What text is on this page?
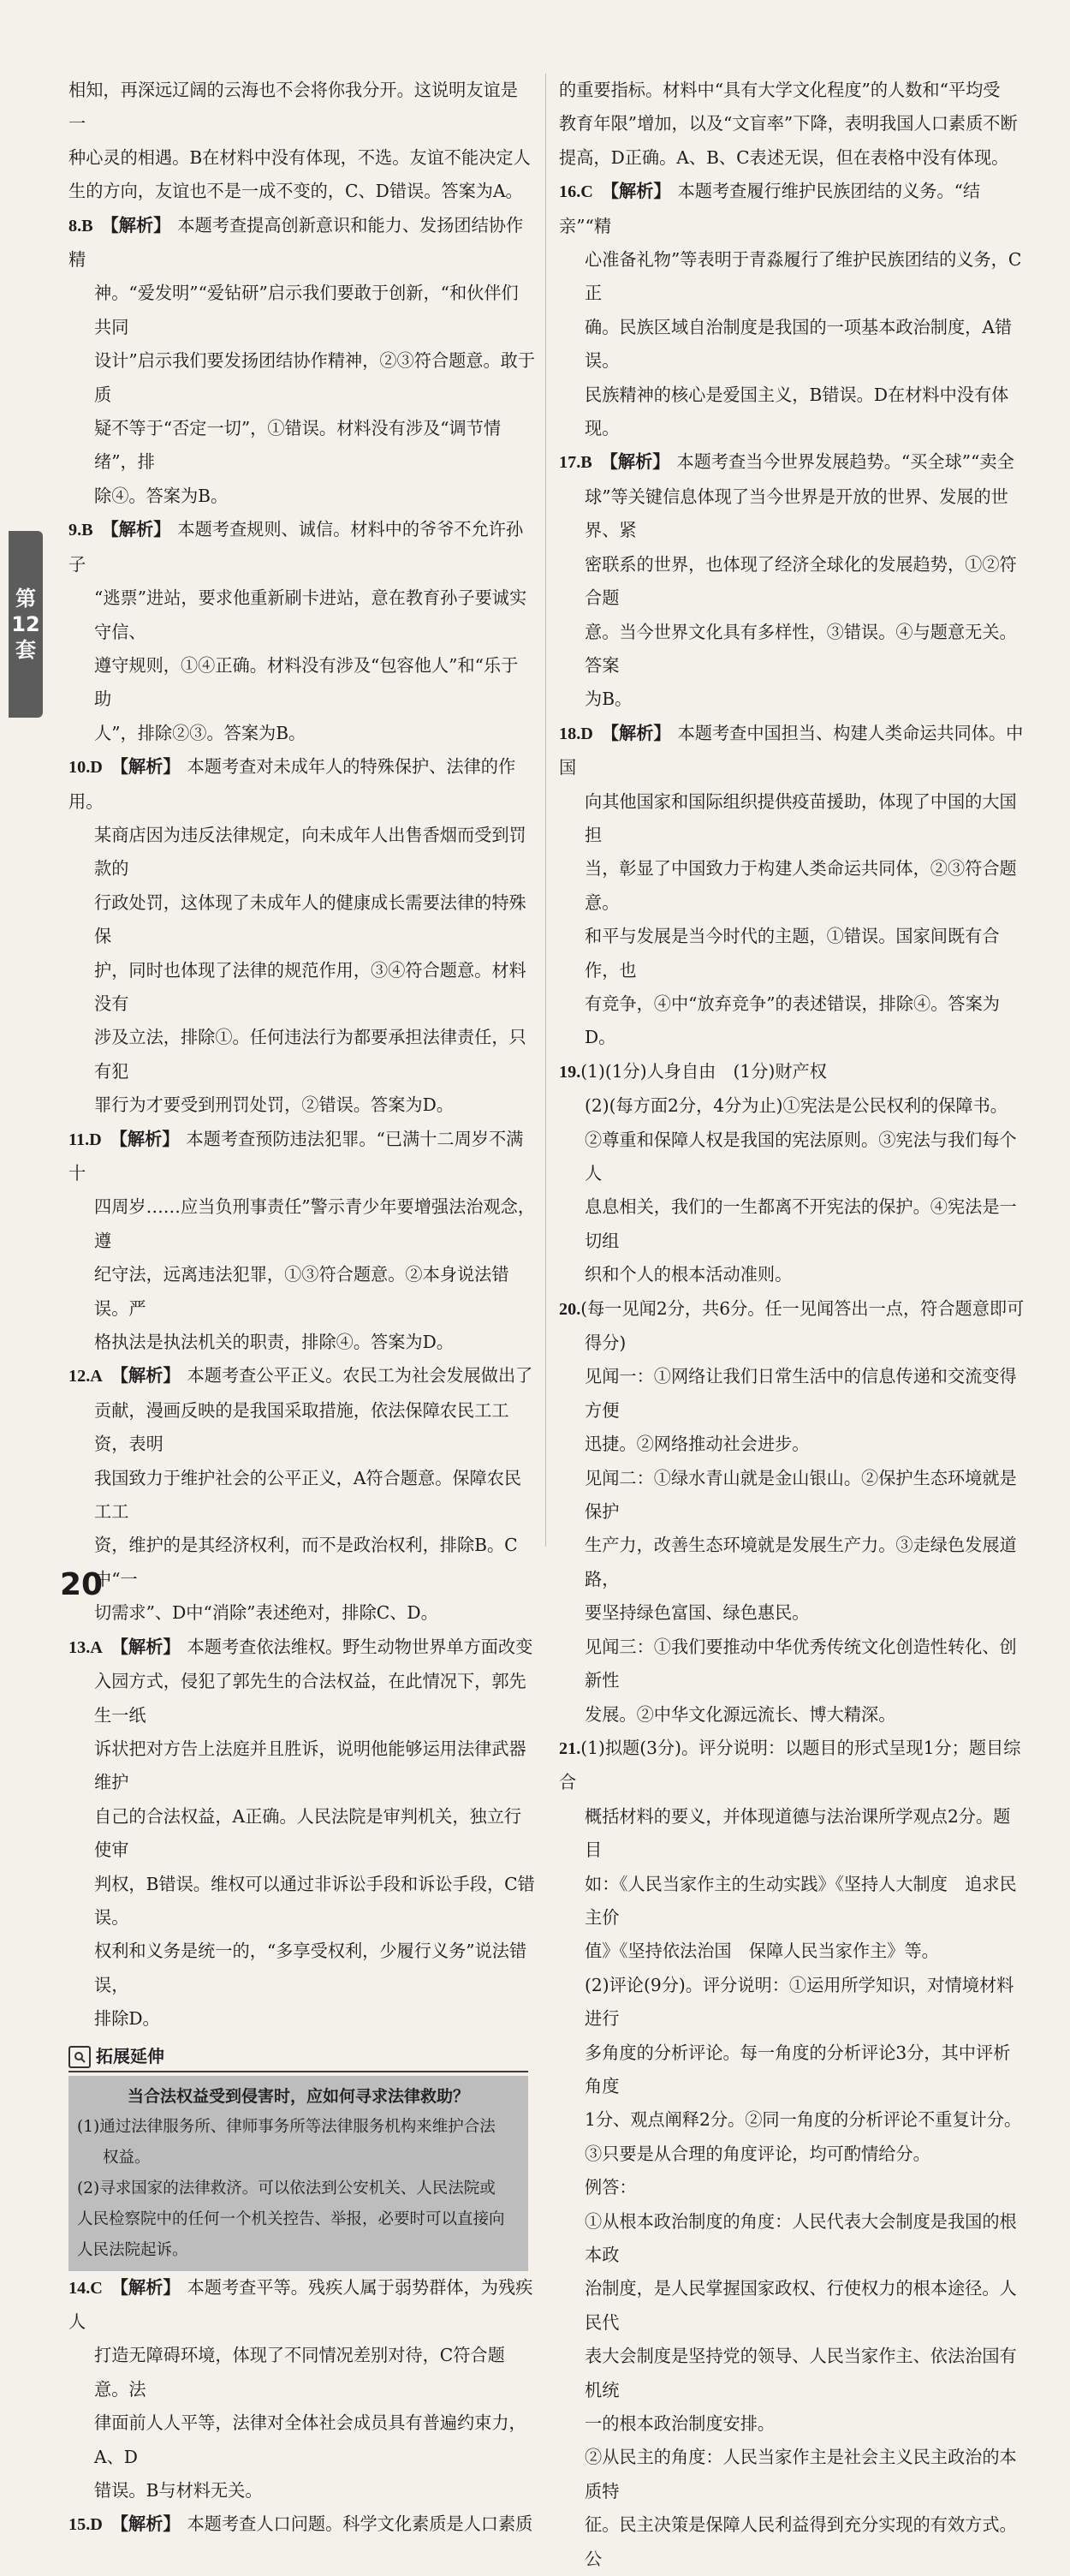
第
12
套

相知，再深远辽阔的云海也不会将你我分开。这说明友谊是一

种心灵的相遇。B在材料中没有体现，不选。友谊不能决定人

生的方向，友谊也不是一成不变的，C、D错误。答案为A。

8.B 【解析】 本题考查提高创新意识和能力、发扬团结协作精

神。“爱发明”“爱钻研”启示我们要敢于创新，“和伙伴们共同

设计”启示我们要发扬团结协作精神，②③符合题意。敢于质

疑不等于“否定一切”，①错误。材料没有涉及“调节情绪”，排

除④。答案为B。

9.B 【解析】 本题考查规则、诚信。材料中的爷爷不允许孙子

“逃票”进站，要求他重新刷卡进站，意在教育孙子要诚实守信、

遵守规则，①④正确。材料没有涉及“包容他人”和“乐于助

人”，排除②③。答案为B。

10.D 【解析】 本题考查对未成年人的特殊保护、法律的作用。

某商店因为违反法律规定，向未成年人出售香烟而受到罚款的

行政处罚，这体现了未成年人的健康成长需要法律的特殊保

护，同时也体现了法律的规范作用，③④符合题意。材料没有

涉及立法，排除①。任何违法行为都要承担法律责任，只有犯

罪行为才要受到刑罚处罚，②错误。答案为D。

11.D 【解析】 本题考查预防违法犯罪。“已满十二周岁不满十

四周岁……应当负刑事责任”警示青少年要增强法治观念，遵

纪守法，远离违法犯罪，①③符合题意。②本身说法错误。严

格执法是执法机关的职责，排除④。答案为D。

12.A 【解析】 本题考查公平正义。农民工为社会发展做出了

贡献，漫画反映的是我国采取措施，依法保障农民工工资，表明

我国致力于维护社会的公平正义，A符合题意。保障农民工工

资，维护的是其经济权利，而不是政治权利，排除B。C中“一

切需求”、D中“消除”表述绝对，排除C、D。

13.A 【解析】 本题考查依法维权。野生动物世界单方面改变

入园方式，侵犯了郭先生的合法权益，在此情况下，郭先生一纸

诉状把对方告上法庭并且胜诉，说明他能够运用法律武器维护

自己的合法权益，A正确。人民法院是审判机关，独立行使审

判权，B错误。维权可以通过非诉讼手段和诉讼手段，C错误。

权利和义务是统一的，“多享受权利，少履行义务”说法错误，

排除D。

拓展延伸
当合法权益受到侵害时，应如何寻求法律救助？
(1)通过法律服务所、律师事务所等法律服务机构来维护合法
权益。
(2)寻求国家的法律救济。可以依法到公安机关、人民法院或
人民检察院中的任何一个机关控告、举报，必要时可以直接向
人民法院起诉。

14.C 【解析】 本题考查平等。残疾人属于弱势群体，为残疾人

打造无障碍环境，体现了不同情况差别对待，C符合题意。法

律面前人人平等，法律对全体社会成员具有普遍约束力，A、D

错误。B与材料无关。

15.D 【解析】 本题考查人口问题。科学文化素质是人口素质

的重要指标。材料中“具有大学文化程度”的人数和“平均受

教育年限”增加，以及“文盲率”下降，表明我国人口素质不断

提高，D正确。A、B、C表述无误，但在表格中没有体现。

16.C 【解析】 本题考查履行维护民族团结的义务。“结亲”“精

心准备礼物”等表明于青淼履行了维护民族团结的义务，C正

确。民族区域自治制度是我国的一项基本政治制度，A错误。

民族精神的核心是爱国主义，B错误。D在材料中没有体现。

17.B 【解析】 本题考查当今世界发展趋势。“买全球”“卖全

球”等关键信息体现了当今世界是开放的世界、发展的世界、紧

密联系的世界，也体现了经济全球化的发展趋势，①②符合题

意。当今世界文化具有多样性，③错误。④与题意无关。答案

为B。

18.D 【解析】 本题考查中国担当、构建人类命运共同体。中国

向其他国家和国际组织提供疫苗援助，体现了中国的大国担

当，彰显了中国致力于构建人类命运共同体，②③符合题意。

和平与发展是当今时代的主题，①错误。国家间既有合作，也

有竞争，④中“放弃竞争”的表述错误，排除④。答案为D。

19.(1)(1分)人身自由　(1分)财产权

(2)(每方面2分，4分为止)①宪法是公民权利的保障书。

②尊重和保障人权是我国的宪法原则。③宪法与我们每个人

息息相关，我们的一生都离不开宪法的保护。④宪法是一切组

织和个人的根本活动准则。

20.(每一见闻2分，共6分。任一见闻答出一点，符合题意即可

得分)

见闻一：①网络让我们日常生活中的信息传递和交流变得方便

迅捷。②网络推动社会进步。

见闻二：①绿水青山就是金山银山。②保护生态环境就是保护

生产力，改善生态环境就是发展生产力。③走绿色发展道路，

要坚持绿色富国、绿色惠民。

见闻三：①我们要推动中华优秀传统文化创造性转化、创新性

发展。②中华文化源远流长、博大精深。

21.(1)拟题(3分)。评分说明：以题目的形式呈现1分；题目综合

概括材料的要义，并体现道德与法治课所学观点2分。题目

如：《人民当家作主的生动实践》《坚持人大制度　追求民主价

值》《坚持依法治国　保障人民当家作主》等。

(2)评论(9分)。评分说明：①运用所学知识，对情境材料进行

多角度的分析评论。每一角度的分析评论3分，其中评析角度

1分、观点阐释2分。②同一角度的分析评论不重复计分。

③只要是从合理的角度评论，均可酌情给分。

例答：

①从根本政治制度的角度：人民代表大会制度是我国的根本政

治制度，是人民掌握国家政权、行使权力的根本途径。人民代

表大会制度是坚持党的领导、人民当家作主、依法治国有机统

一的根本政治制度安排。

②从民主的角度：人民当家作主是社会主义民主政治的本质特

征。民主决策是保障人民利益得到充分实现的有效方式。公

20
